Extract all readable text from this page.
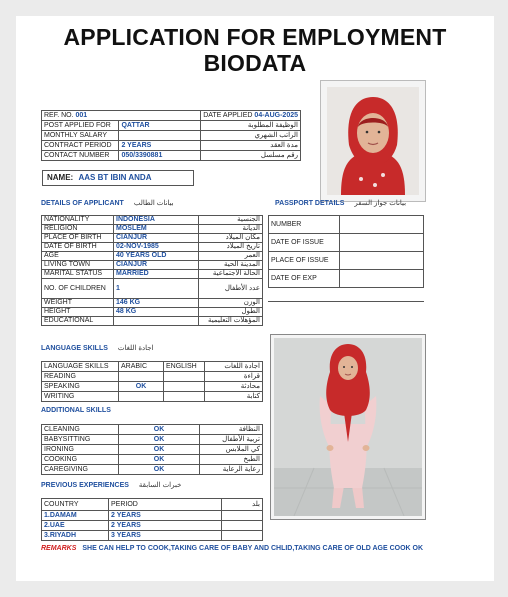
APPLICATION FOR EMPLOYMENT
BIODATA
REF. NO. 001		DATE APPLIED 04-AUG-2025
POST APPLIED FOR	QATTAR	الوظيفة المطلوبة
MONTHLY SALARY		الراتب الشهري
CONTRACT PERIOD	2 YEARS	مدة العقد
CONTACT NUMBER	050/3390881	رقم مسلسل
NAME: AAS BT IBIN ANDA
DETAILS OF APPLICANT بيانات الطالب	PASSPORT DETAILS بيانات جواز السفر
NATIONALITY	INDONESIA	الجنسية
RELIGION	MOSLEM	الديانة
PLACE OF BIRTH	CIANJUR	مكان الميلاد
DATE OF BIRTH	02-NOV-1985	تاريخ الميلاد
AGE	40 YEARS OLD	العمر
LIVING TOWN	CIANJUR	المدينة الحية
MARITAL STATUS	MARRIED	الحالة الاجتماعية
NO. OF CHILDREN	1	عدد الأطفال
WEIGHT	146 KG	الوزن
HEIGHT	48 KG	الطول
EDUCATIONAL		المؤهلات التعليمية
NUMBER	
DATE OF ISSUE	
PLACE OF ISSUE	
DATE OF EXP	
LANGUAGE SKILLS اجادة اللغات
LANGUAGE SKILLS	ARABIC	ENGLISH	اجادة اللغات
READING			قراءة
SPEAKING	OK		محادثة
WRITING			كتابة
ADDITIONAL SKILLS
CLEANING	OK	النظافة
BABYSITTING	OK	تربية الأطفال
IRONING	OK	كي الملابس
COOKING	OK	الطبخ
CAREGIVING	OK	رعاية الرعاية
PREVIOUS EXPERIENCES خبرات السابقة
COUNTRY	PERIOD	بلد
1.DAMAM	2 YEARS	
2.UAE	2 YEARS	
3.RIYADH	3 YEARS	
REMARKS SHE CAN HELP TO COOK,TAKING CARE OF BABY AND CHLID,TAKING CARE OF OLD AGE COOK OK
